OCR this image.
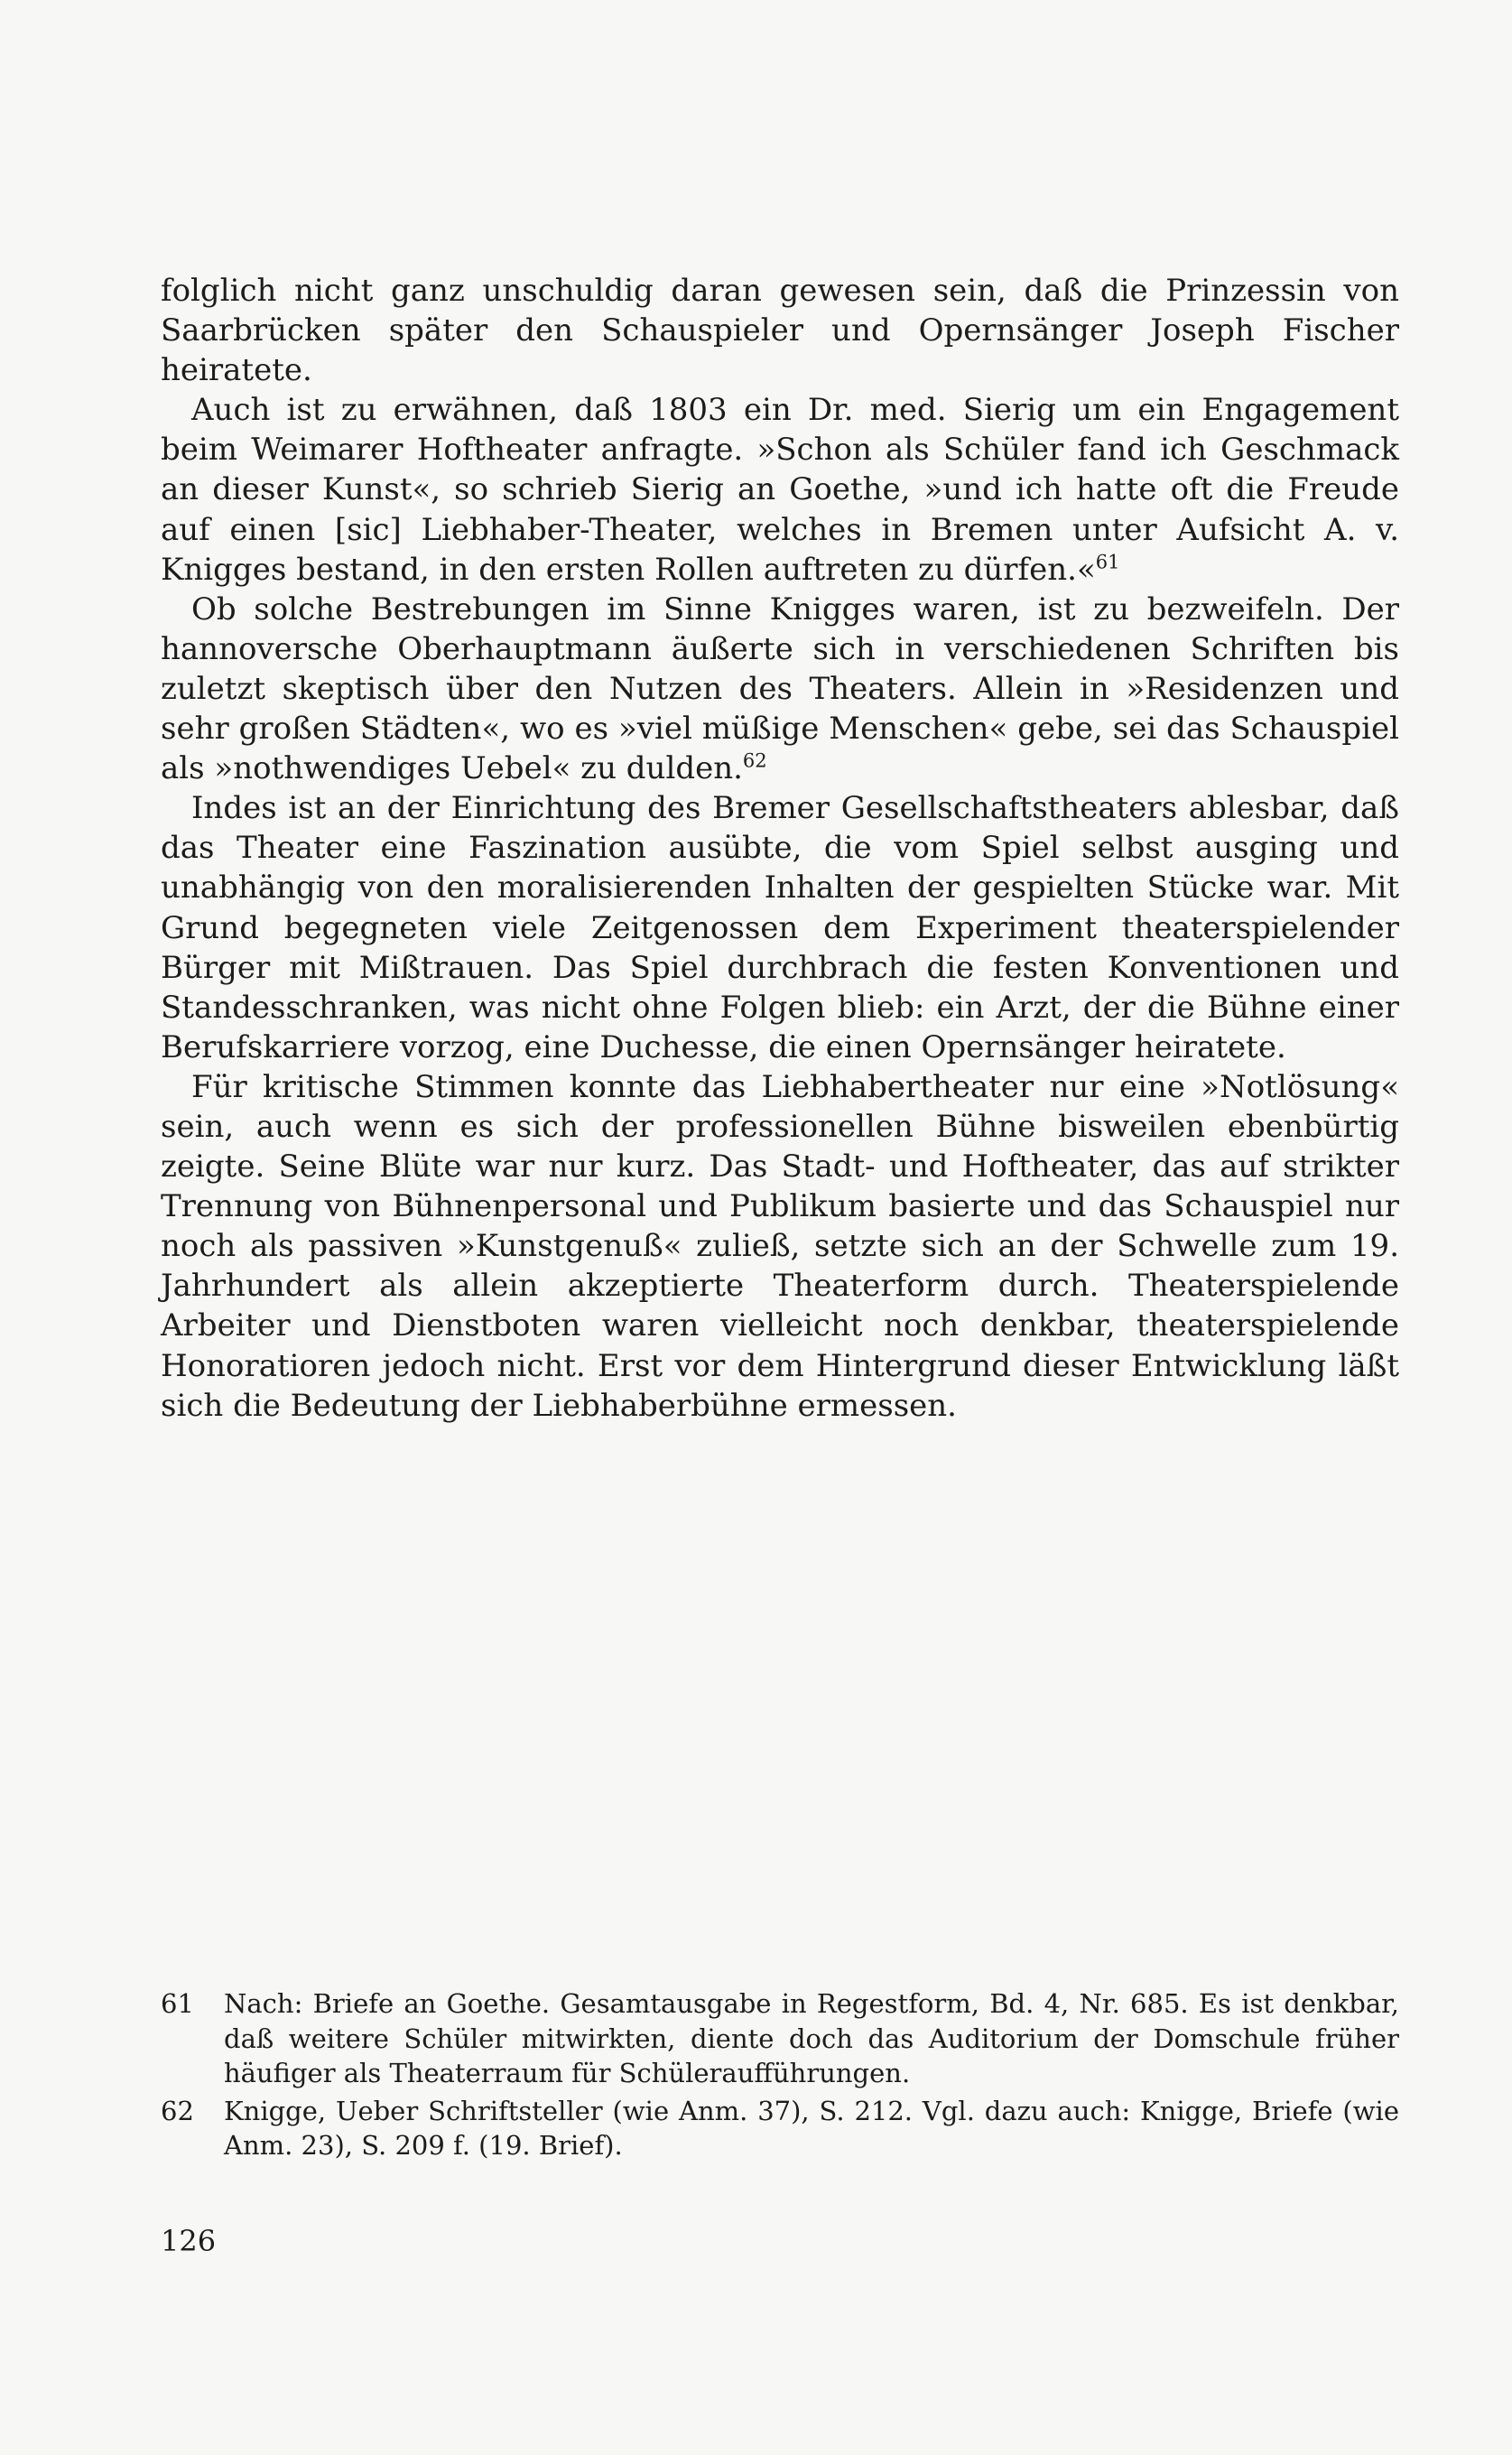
folglich nicht ganz unschuldig daran gewesen sein, daß die Prinzessin von Saarbrücken später den Schauspieler und Opernsänger Joseph Fischer heiratete.

Auch ist zu erwähnen, daß 1803 ein Dr. med. Sierig um ein Engagement beim Weimarer Hoftheater anfragte. »Schon als Schüler fand ich Geschmack an dieser Kunst«, so schrieb Sierig an Goethe, »und ich hatte oft die Freude auf einen [sic] Liebhaber-Theater, welches in Bremen unter Aufsicht A. v. Knigges bestand, in den ersten Rollen auftreten zu dürfen.«$^{61}$

Ob solche Bestrebungen im Sinne Knigges waren, ist zu bezweifeln. Der hannoversche Oberhauptmann äußerte sich in verschiedenen Schriften bis zuletzt skeptisch über den Nutzen des Theaters. Allein in »Residenzen und sehr großen Städten«, wo es »viel müßige Menschen« gebe, sei das Schauspiel als »nothwendiges Uebel« zu dulden.$^{62}$

Indes ist an der Einrichtung des Bremer Gesellschaftstheaters ablesbar, daß das Theater eine Faszination ausübte, die vom Spiel selbst ausging und unabhängig von den moralisierenden Inhalten der gespielten Stücke war. Mit Grund begegneten viele Zeitgenossen dem Experiment theaterspielender Bürger mit Mißtrauen. Das Spiel durchbrach die festen Konventionen und Standesschranken, was nicht ohne Folgen blieb: ein Arzt, der die Bühne einer Berufskarriere vorzog, eine Duchesse, die einen Opernsänger heiratete.

Für kritische Stimmen konnte das Liebhabertheater nur eine »Notlösung« sein, auch wenn es sich der professionellen Bühne bisweilen ebenbürtig zeigte. Seine Blüte war nur kurz. Das Stadt- und Hoftheater, das auf strikter Trennung von Bühnenpersonal und Publikum basierte und das Schauspiel nur noch als passiven »Kunstgenuß« zuließ, setzte sich an der Schwelle zum 19. Jahrhundert als allein akzeptierte Theaterform durch. Theaterspielende Arbeiter und Dienstboten waren vielleicht noch denkbar, theaterspielende Honoratioren jedoch nicht. Erst vor dem Hintergrund dieser Entwicklung läßt sich die Bedeutung der Liebhaberbühne ermessen.

61 Nach: Briefe an Goethe. Gesamtausgabe in Regestform, Bd. 4, Nr. 685. Es ist denkbar, daß weitere Schüler mitwirkten, diente doch das Auditorium der Domschule früher häufiger als Theaterraum für Schüleraufführungen.
62 Knigge, Ueber Schriftsteller (wie Anm. 37), S. 212. Vgl. dazu auch: Knigge, Briefe (wie Anm. 23), S. 209 f. (19. Brief).
126
